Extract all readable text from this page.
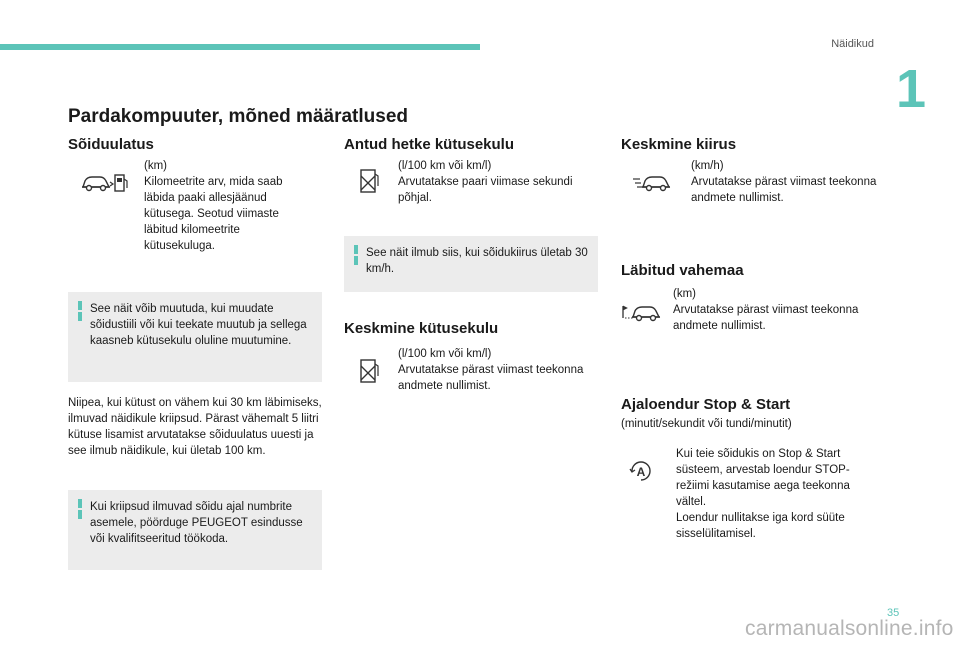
Näidikud
1
Pardakompuuter, mõned määratlused
Sõiduulatus
(km)
Kilomeetrite arv, mida saab läbida paaki allesjäänud kütusega. Seotud viimaste läbitud kilomeetrite kütusekuluga.
See näit võib muutuda, kui muudate sõidustiili või kui teekate muutub ja sellega kaasneb kütusekulu oluline muutumine.
Niipea, kui kütust on vähem kui 30 km läbimiseks, ilmuvad näidikule kriipsud. Pärast vähemalt 5 liitri kütuse lisamist arvutatakse sõiduulatus uuesti ja see ilmub näidikule, kui ületab 100 km.
Kui kriipsud ilmuvad sõidu ajal numbrite asemele, pöörduge PEUGEOT esindusse või kvalifitseeritud töökoda.
Antud hetke kütusekulu
(l/100 km või km/l)
Arvutatakse paari viimase sekundi põhjal.
See näit ilmub siis, kui sõidukiirus ületab 30 km/h.
Keskmine kütusekulu
(l/100 km või km/l)
Arvutatakse pärast viimast teekonna andmete nullimist.
Keskmine kiirus
(km/h)
Arvutatakse pärast viimast teekonna andmete nullimist.
Läbitud vahemaa
(km)
Arvutatakse pärast viimast teekonna andmete nullimist.
Ajaloendur Stop & Start
(minutit/sekundit või tundi/minutit)
A
Kui teie sõidukis on Stop & Start süsteem, arvestab loendur STOP-režiimi kasutamise aega teekonna vältel.
Loendur nullitakse iga kord süüte sisselülitamisel.
35
carmanualsonline.info
